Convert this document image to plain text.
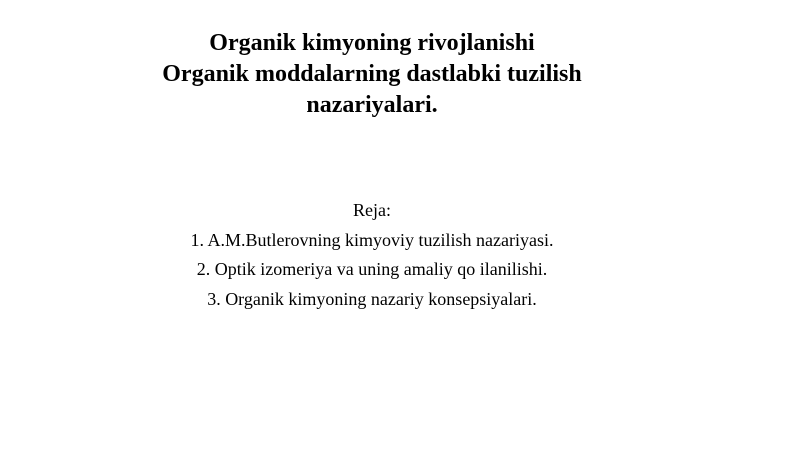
Organik kimyoning rivojlanishi
Organik moddalarning dastlabki tuzilish
nazariyalari.
Reja:
1. A.M.Butlerovning kimyoviy tuzilish nazariyasi.
2. Optik izomeriya va uning amaliy qo ilanilishi.
3. Organik kimyoning nazariy konsepsiyalari.
